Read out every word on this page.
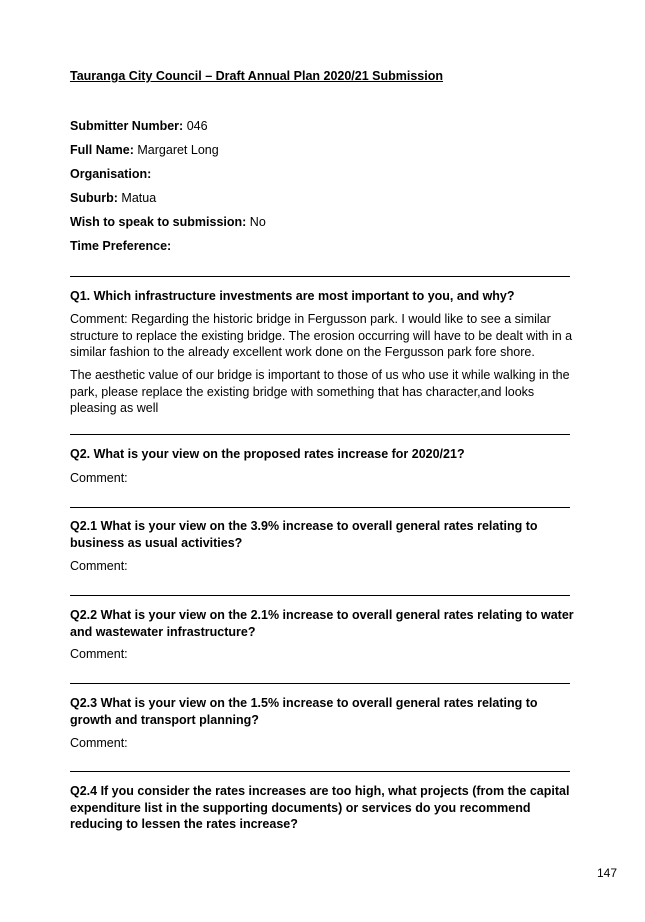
Tauranga City Council – Draft Annual Plan 2020/21 Submission
Submitter Number: 046
Full Name: Margaret Long
Organisation:
Suburb: Matua
Wish to speak to submission: No
Time Preference:
Q1. Which infrastructure investments are most important to you, and why?
Comment: Regarding the historic bridge in Fergusson park. I would like to see a similar structure to replace the existing bridge. The erosion occurring will have to be dealt with in a similar fashion to the already excellent work done on the Fergusson park fore shore.
The aesthetic value of our bridge is important to those of us who use it while walking in the park, please replace the existing bridge with something that has character,and looks pleasing as well
Q2. What is your view on the proposed rates increase for 2020/21?
Comment:
Q2.1 What is your view on the 3.9% increase to overall general rates relating to business as usual activities?
Comment:
Q2.2 What is your view on the 2.1% increase to overall general rates relating to water and wastewater infrastructure?
Comment:
Q2.3 What is your view on the 1.5% increase to overall general rates relating to growth and transport planning?
Comment:
Q2.4 If you consider the rates increases are too high, what projects (from the capital expenditure list in the supporting documents) or services do you recommend reducing to lessen the rates increase?
147
